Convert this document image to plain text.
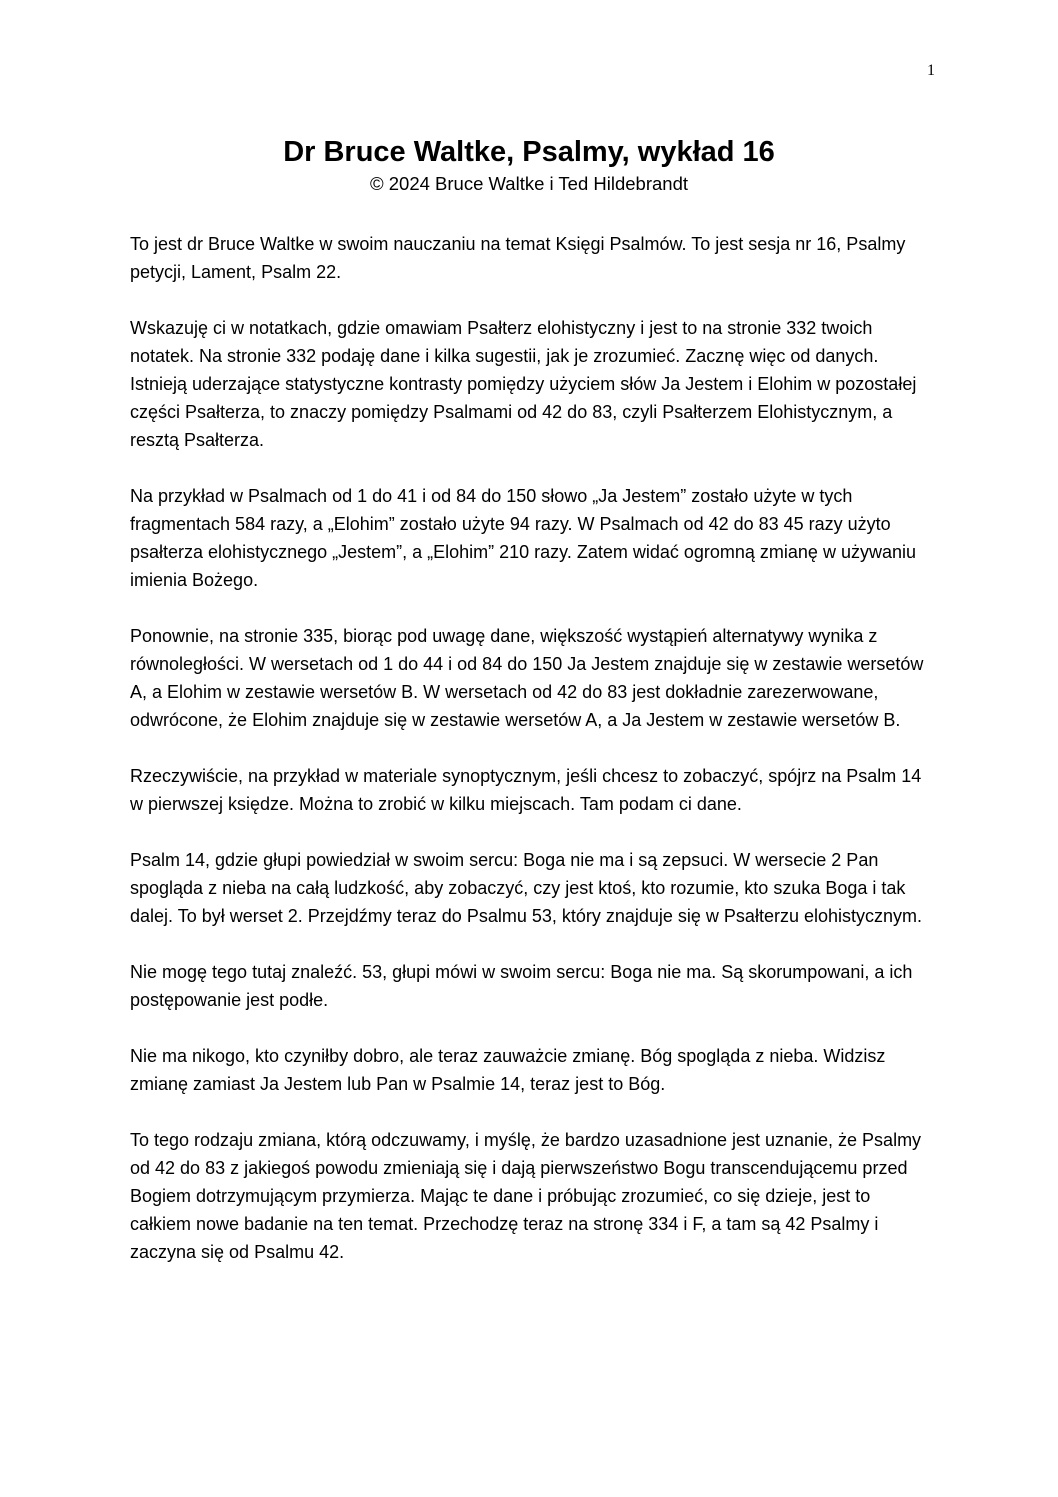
1
Dr Bruce Waltke, Psalmy, wykład 16

© 2024 Bruce Waltke i Ted Hildebrandt

To jest dr Bruce Waltke w swoim nauczaniu na temat Księgi Psalmów. To jest sesja nr 16, Psalmy petycji, Lament, Psalm 22.

Wskazuję ci w notatkach, gdzie omawiam Psałterz elohistyczny i jest to na stronie 332 twoich notatek. Na stronie 332 podaję dane i kilka sugestii, jak je zrozumieć. Zacznę więc od danych. Istnieją uderzające statystyczne kontrasty pomiędzy użyciem słów Ja Jestem i Elohim w pozostałej części Psałterza, to znaczy pomiędzy Psalmami od 42 do 83, czyli Psałterzem Elohistycznym, a resztą Psałterza.

Na przykład w Psalmach od 1 do 41 i od 84 do 150 słowo „Ja Jestem” zostało użyte w tych fragmentach 584 razy, a „Elohim” zostało użyte 94 razy. W Psalmach od 42 do 83 45 razy użyto psałterza elohistycznego „Jestem”, a „Elohim” 210 razy. Zatem widać ogromną zmianę w używaniu imienia Bożego.

Ponownie, na stronie 335, biorąc pod uwagę dane, większość wystąpień alternatywy wynika z równoległości. W wersetach od 1 do 44 i od 84 do 150 Ja Jestem znajduje się w zestawie wersetów A, a Elohim w zestawie wersetów B. W wersetach od 42 do 83 jest dokładnie zarezerwowane, odwrócone, że Elohim znajduje się w zestawie wersetów A, a Ja Jestem w zestawie wersetów B.

Rzeczywiście, na przykład w materiale synoptycznym, jeśli chcesz to zobaczyć, spójrz na Psalm 14 w pierwszej księdze. Można to zrobić w kilku miejscach. Tam podam ci dane.

Psalm 14, gdzie głupi powiedział w swoim sercu: Boga nie ma i są zepsuci. W wersecie 2 Pan spogląda z nieba na całą ludzkość, aby zobaczyć, czy jest ktoś, kto rozumie, kto szuka Boga i tak dalej. To był werset 2. Przejdźmy teraz do Psalmu 53, który znajduje się w Psałterzu elohistycznym.

Nie mogę tego tutaj znaleźć. 53, głupi mówi w swoim sercu: Boga nie ma. Są skorumpowani, a ich postępowanie jest podłe.

Nie ma nikogo, kto czyniłby dobro, ale teraz zauważcie zmianę. Bóg spogląda z nieba. Widzisz zmianę zamiast Ja Jestem lub Pan w Psalmie 14, teraz jest to Bóg.

To tego rodzaju zmiana, którą odczuwamy, i myślę, że bardzo uzasadnione jest uznanie, że Psalmy od 42 do 83 z jakiegoś powodu zmieniają się i dają pierwszeństwo Bogu transcendującemu przed Bogiem dotrzymującym przymierza. Mając te dane i próbując zrozumieć, co się dzieje, jest to całkiem nowe badanie na ten temat. Przechodzę teraz na stronę 334 i F, a tam są 42 Psalmy i zaczyna się od Psalmu 42.
